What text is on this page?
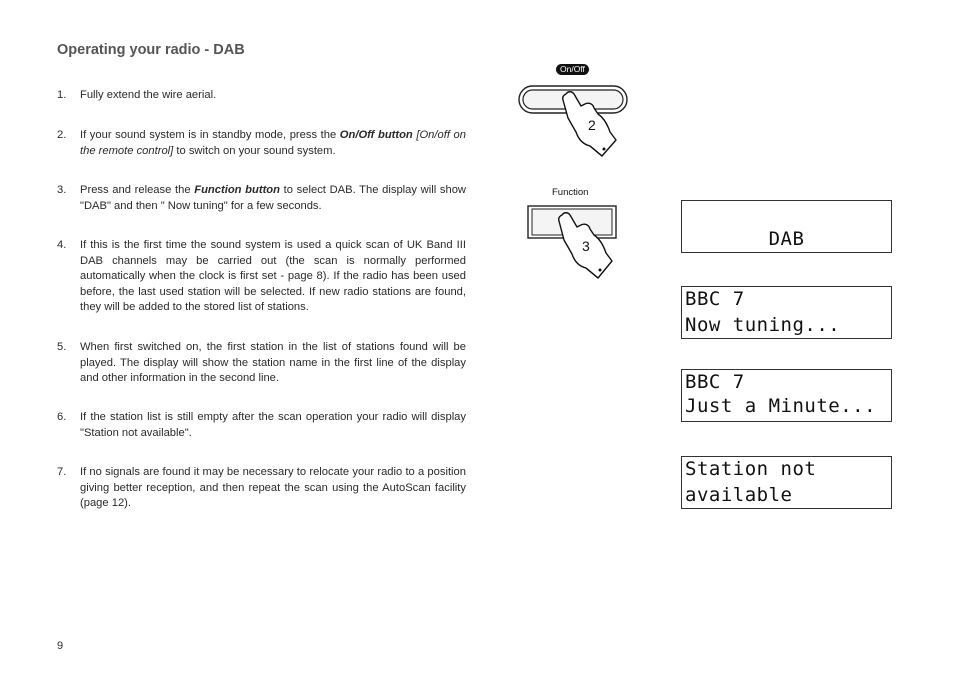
Operating your radio - DAB
1.	Fully extend the wire aerial.
2.	If your sound system is in standby mode, press the On/Off button [On/off on the remote control] to switch on your sound system.
3.	Press and release the Function button to select DAB. The display will show "DAB" and then " Now tuning" for a few seconds.
4.	If this is the first time the sound system is used a quick scan of UK Band III DAB channels may be carried out (the scan is normally performed automatically when the clock is first set - page 8). If the radio has been used before, the last used station will be selected. If new radio stations are found, they will be added to the stored list of stations.
5.	When first switched on, the first station in the list of stations found will be played. The display will show the station name in the first line of the display and other information in the second line.
6.	If the station list is still empty after the scan operation your radio will display "Station not available".
7.	If no signals are found it may be necessary to relocate your radio to a position giving better reception, and then repeat the scan using the AutoScan facility (page 12).
On/Off
2
Function
3	DAB
BBC 7
Now tuning...
BBC 7
Just a Minute...
Station not
available
9
